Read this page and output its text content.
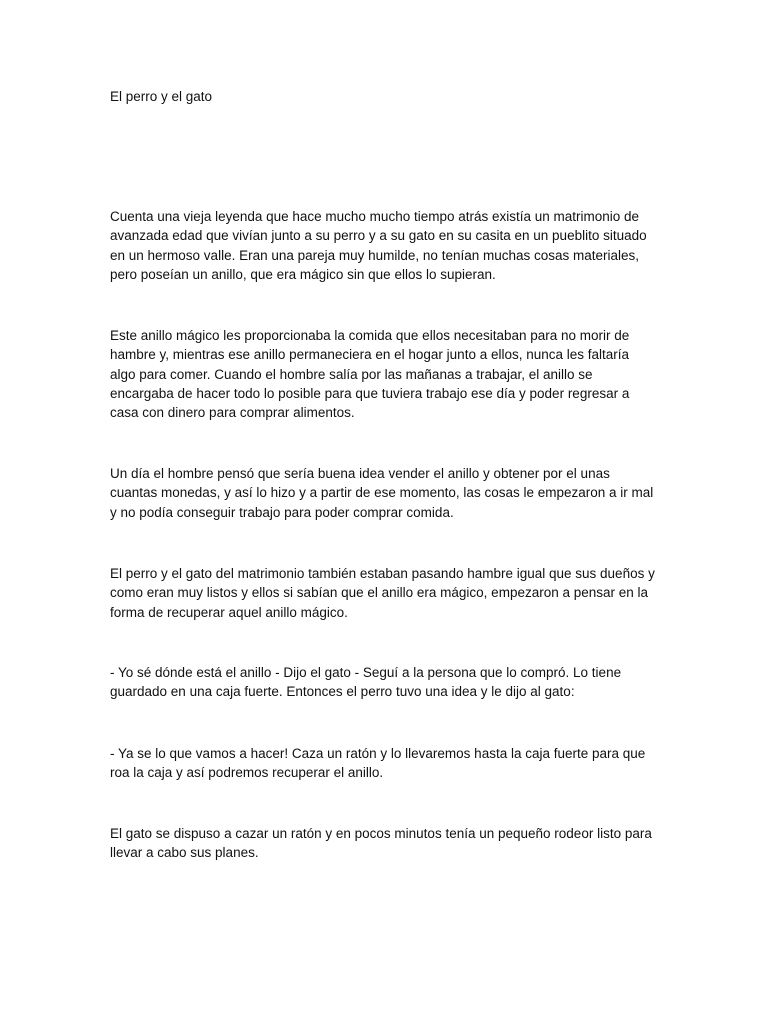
El perro y el gato

Cuenta una vieja leyenda que hace mucho mucho tiempo atrás existía un matrimonio de avanzada edad que vivían junto a su perro y a su gato en su casita en un pueblito situado en un hermoso valle. Eran una pareja muy humilde, no tenían muchas cosas materiales, pero poseían un anillo, que era mágico sin que ellos lo supieran.

Este anillo mágico les proporcionaba la comida que ellos necesitaban para no morir de hambre y, mientras ese anillo permaneciera en el hogar junto a ellos, nunca les faltaría algo para comer. Cuando el hombre salía por las mañanas a trabajar, el anillo se encargaba de hacer todo lo posible para que tuviera trabajo ese día y poder regresar a casa con dinero para comprar alimentos.

Un día el hombre pensó que sería buena idea vender el anillo y obtener por el unas cuantas monedas, y así lo hizo y a partir de ese momento, las cosas le empezaron a ir mal y no podía conseguir trabajo para poder comprar comida.

El perro y el gato del matrimonio también estaban pasando hambre igual que sus dueños y como eran muy listos y ellos si sabían que el anillo era mágico, empezaron a pensar en la forma de recuperar aquel anillo mágico.

- Yo sé dónde está el anillo - Dijo el gato - Seguí a la persona que lo compró. Lo tiene guardado en una caja fuerte. Entonces el perro tuvo una idea y le dijo al gato:

- Ya se lo que vamos a hacer! Caza un ratón y lo llevaremos hasta la caja fuerte para que roa la caja y así podremos recuperar el anillo.

El gato se dispuso a cazar un ratón y en pocos minutos tenía un pequeño rodeor listo para llevar a cabo sus planes.
